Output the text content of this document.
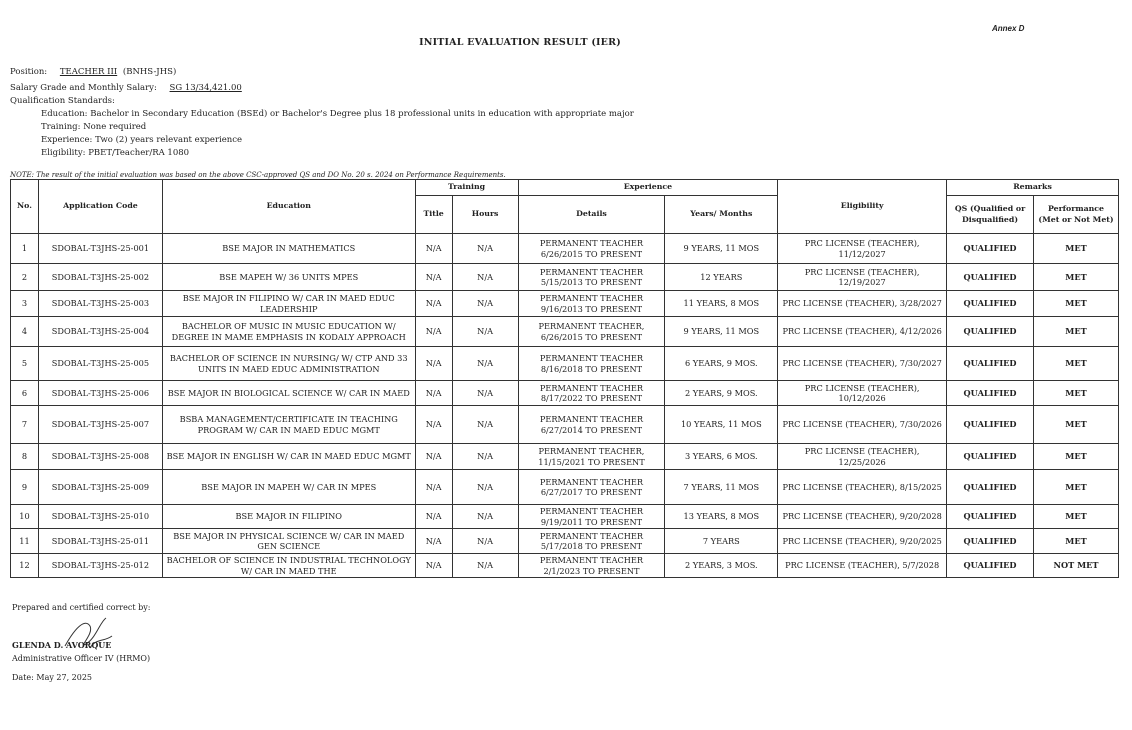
Annex D
INITIAL EVALUATION RESULT (IER)
Position: TEACHER III (BNHS-JHS)
Salary Grade and Monthly Salary: SG 13/34,421.00
Qualification Standards:
Education: Bachelor in Secondary Education (BSEd) or Bachelor's Degree plus 18 professional units in education with appropriate major
Training: None required
Experience: Two (2) years relevant experience
Eligibility: PBET/Teacher/RA 1080
NOTE: The result of the initial evaluation was based on the above CSC-approved QS and DO No. 20 s. 2024 on Performance Requirements.
No.	Application Code	Education	Training		Experience		Eligibility	Remarks	
			Title	Hours	Details	Years/ Months		QS (Qualified or Disqualified)	Performance (Met or Not Met)
1	SDOBAL-T3JHS-25-001	BSE MAJOR IN MATHEMATICS	N/A	N/A	PERMANENT TEACHER 6/26/2015 TO PRESENT	9 YEARS, 11 MOS	PRC LICENSE (TEACHER), 11/12/2027	QUALIFIED	MET
2	SDOBAL-T3JHS-25-002	BSE MAPEH W/ 36 UNITS MPES	N/A	N/A	PERMANENT TEACHER 5/15/2013 TO PRESENT	12 YEARS	PRC LICENSE (TEACHER), 12/19/2027	QUALIFIED	MET
3	SDOBAL-T3JHS-25-003	BSE MAJOR IN FILIPINO W/ CAR IN MAED EDUC LEADERSHIP	N/A	N/A	PERMANENT TEACHER 9/16/2013 TO PRESENT	11 YEARS, 8 MOS	PRC LICENSE (TEACHER), 3/28/2027	QUALIFIED	MET
4	SDOBAL-T3JHS-25-004	BACHELOR OF MUSIC IN MUSIC EDUCATION W/ DEGREE IN MAME EMPHASIS IN KODALY APPROACH	N/A	N/A	PERMANENT TEACHER, 6/26/2015 TO PRESENT	9 YEARS, 11 MOS	PRC LICENSE (TEACHER), 4/12/2026	QUALIFIED	MET
5	SDOBAL-T3JHS-25-005	BACHELOR OF SCIENCE IN NURSING/ W/ CTP AND 33 UNITS IN MAED EDUC ADMINISTRATION	N/A	N/A	PERMANENT TEACHER 8/16/2018 TO PRESENT	6 YEARS, 9 MOS.	PRC LICENSE (TEACHER), 7/30/2027	QUALIFIED	MET
6	SDOBAL-T3JHS-25-006	BSE MAJOR IN BIOLOGICAL SCIENCE W/ CAR IN MAED	N/A	N/A	PERMANENT TEACHER 8/17/2022 TO PRESENT	2 YEARS, 9 MOS.	PRC LICENSE (TEACHER), 10/12/2026	QUALIFIED	MET
7	SDOBAL-T3JHS-25-007	BSBA MANAGEMENT/CERTIFICATE IN TEACHING PROGRAM W/ CAR IN MAED EDUC MGMT	N/A	N/A	PERMANENT TEACHER 6/27/2014 TO PRESENT	10 YEARS, 11 MOS	PRC LICENSE (TEACHER), 7/30/2026	QUALIFIED	MET
8	SDOBAL-T3JHS-25-008	BSE MAJOR IN ENGLISH W/ CAR IN MAED EDUC MGMT	N/A	N/A	PERMANENT TEACHER, 11/15/2021 TO PRESENT	3 YEARS, 6 MOS.	PRC LICENSE (TEACHER), 12/25/2026	QUALIFIED	MET
9	SDOBAL-T3JHS-25-009	BSE MAJOR IN MAPEH W/ CAR IN MPES	N/A	N/A	PERMANENT TEACHER 6/27/2017 TO PRESENT	7 YEARS, 11 MOS	PRC LICENSE (TEACHER), 8/15/2025	QUALIFIED	MET
10	SDOBAL-T3JHS-25-010	BSE MAJOR IN FILIPINO	N/A	N/A	PERMANENT TEACHER 9/19/2011 TO PRESENT	13 YEARS, 8 MOS	PRC LICENSE (TEACHER), 9/20/2028	QUALIFIED	MET
11	SDOBAL-T3JHS-25-011	BSE MAJOR IN PHYSICAL SCIENCE W/ CAR IN MAED GEN SCIENCE	N/A	N/A	PERMANENT TEACHER 5/17/2018 TO PRESENT	7 YEARS	PRC LICENSE (TEACHER), 9/20/2025	QUALIFIED	MET
12	SDOBAL-T3JHS-25-012	BACHELOR OF SCIENCE IN INDUSTRIAL TECHNOLOGY W/ CAR IN MAED THE	N/A	N/A	PERMANENT TEACHER 2/1/2023 TO PRESENT	2 YEARS, 3 MOS.	PRC LICENSE (TEACHER), 5/7/2028	QUALIFIED	NOT MET
Prepared and certified correct by:
GLENDA D. AVORQUE
Administrative Officer IV (HRMO)
Date: May 27, 2025
